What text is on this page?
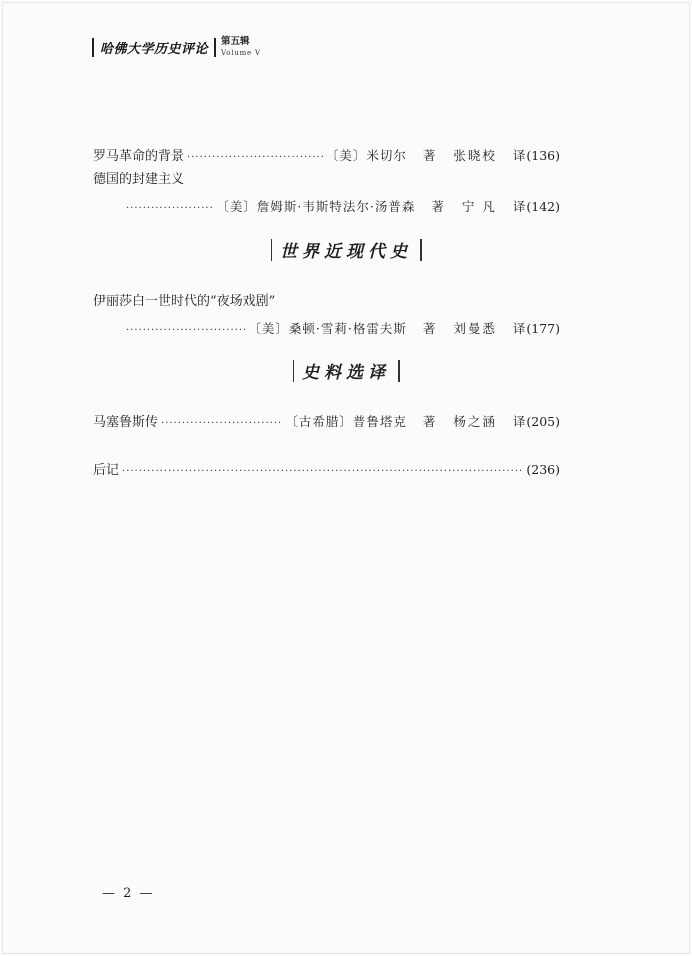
哈佛大学历史评论 第五辑
Volume V
罗马革命的背景 ·····	〔美〕米切尔 著 张晓校 译 (136)
德国的封建主义
·····
〔美〕詹姆斯·韦斯特法尔·汤普森 著 宁 凡 译 (142)
世界近现代史
伊丽莎白一世时代的“夜场戏剧”
·····
〔美〕桑顿·雪莉·格雷夫斯 著 刘曼悉 译 (177)
史料选译
马塞鲁斯传 ·····	〔古希腊〕普鲁塔克 著 杨之涵 译 (205)
后记 ·····	(236)
— 2 —
